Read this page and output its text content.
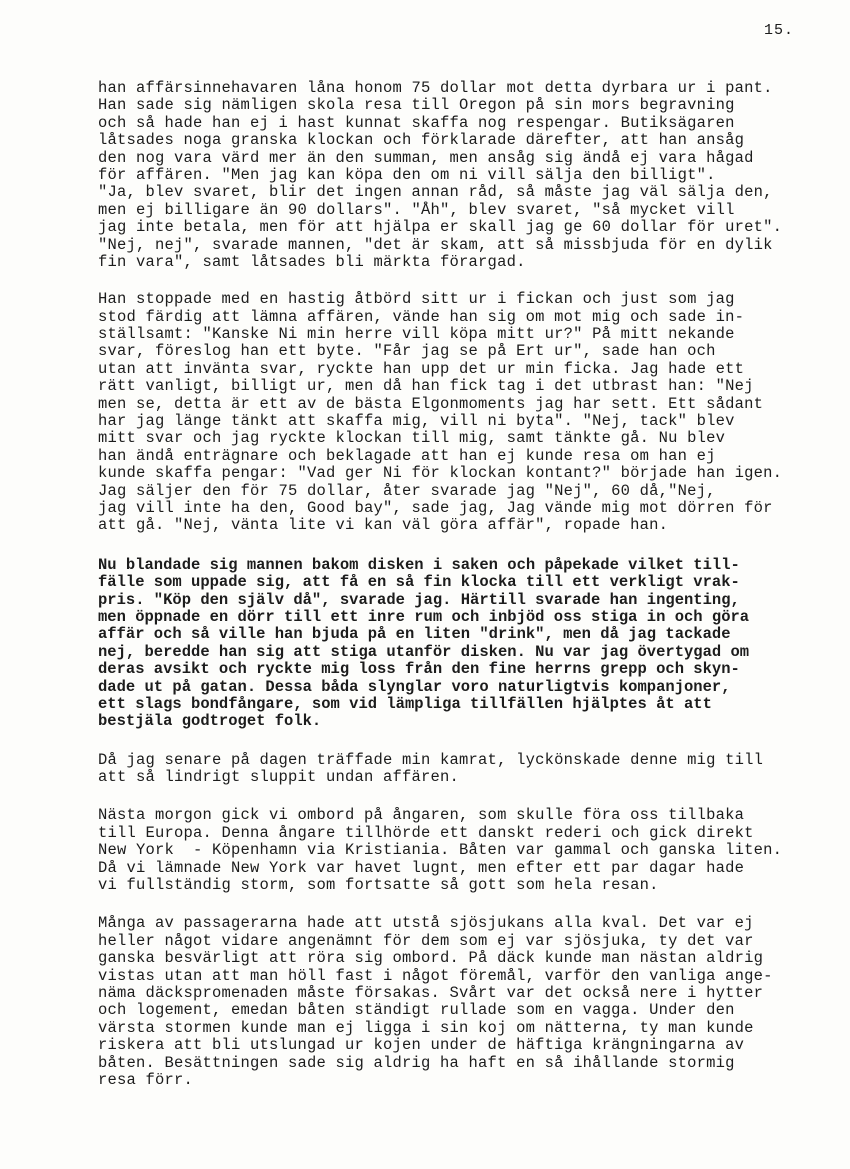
15.
han affärsinnehavaren låna honom 75 dollar mot detta dyrbara ur i pant.
Han sade sig nämligen skola resa till Oregon på sin mors begravning
och så hade han ej i hast kunnat skaffa nog respengar. Butiksägaren
låtsades noga granska klockan och förklarade därefter, att han ansåg
den nog vara värd mer än den summan, men ansåg sig ändå ej vara hågad
för affären. "Men jag kan köpa den om ni vill sälja den billigt".
"Ja, blev svaret, blir det ingen annan råd, så måste jag väl sälja den,
men ej billigare än 90 dollars". "Åh", blev svaret, "så mycket vill
jag inte betala, men för att hjälpa er skall jag ge 60 dollar för uret".
"Nej, nej", svarade mannen, "det är skam, att så missbjuda för en dylik
fin vara", samt låtsades bli märkta förargad.
Han stoppade med en hastig åtbörd sitt ur i fickan och just som jag
stod färdig att lämna affären, vände han sig om mot mig och sade in-
ställsamt: "Kanske Ni min herre vill köpa mitt ur?" På mitt nekande
svar, föreslog han ett byte. "Får jag se på Ert ur", sade han och
utan att invänta svar, ryckte han upp det ur min ficka. Jag hade ett
rätt vanligt, billigt ur, men då han fick tag i det utbrast han: "Nej
men se, detta är ett av de bästa Elgonmoments jag har sett. Ett sådant
har jag länge tänkt att skaffa mig, vill ni byta". "Nej, tack" blev
mitt svar och jag ryckte klockan till mig, samt tänkte gå. Nu blev
han ändå enträgnare och beklagade att han ej kunde resa om han ej
kunde skaffa pengar: "Vad ger Ni för klockan kontant?" började han igen.
Jag säljer den för 75 dollar, åter svarade jag "Nej", 60 då,"Nej,
jag vill inte ha den, Good bay", sade jag, Jag vände mig mot dörren för
att gå. "Nej, vänta lite vi kan väl göra affär", ropade han.
Nu blandade sig mannen bakom disken i saken och påpekade vilket till-
fälle som uppade sig, att få en så fin klocka till ett verkligt vrak-
pris. "Köp den själv då", svarade jag. Härtill svarade han ingenting,
men öppnade en dörr till ett inre rum och inbjöd oss stiga in och göra
affär och så ville han bjuda på en liten "drink", men då jag tackade
nej, beredde han sig att stiga utanför disken. Nu var jag övertygad om
deras avsikt och ryckte mig loss från den fine herrns grepp och skyn-
dade ut på gatan. Dessa båda slynglar voro naturligtvis kompanjoner,
ett slags bondfångare, som vid lämpliga tillfällen hjälptes åt att
bestjäla godtroget folk.
Då jag senare på dagen träffade min kamrat, lyckönskade denne mig till
att så lindrigt sluppit undan affären.
Nästa morgon gick vi ombord på ångaren, som skulle föra oss tillbaka
till Europa. Denna ångare tillhörde ett danskt rederi och gick direkt
New York  - Köpenhamn via Kristiania. Båten var gammal och ganska liten.
Då vi lämnade New York var havet lugnt, men efter ett par dagar hade
vi fullständig storm, som fortsatte så gott som hela resan.
Många av passagerarna hade att utstå sjösjukans alla kval. Det var ej
heller något vidare angenämnt för dem som ej var sjösjuka, ty det var
ganska besvärligt att röra sig ombord. På däck kunde man nästan aldrig
vistas utan att man höll fast i något föremål, varför den vanliga ange-
näma däckspromenaden måste försakas. Svårt var det också nere i hytter
och logement, emedan båten ständigt rullade som en vagga. Under den
värsta stormen kunde man ej ligga i sin koj om nätterna, ty man kunde
riskera att bli utslungad ur kojen under de häftiga krängningarna av
båten. Besättningen sade sig aldrig ha haft en så ihållande stormig
resa förr.
